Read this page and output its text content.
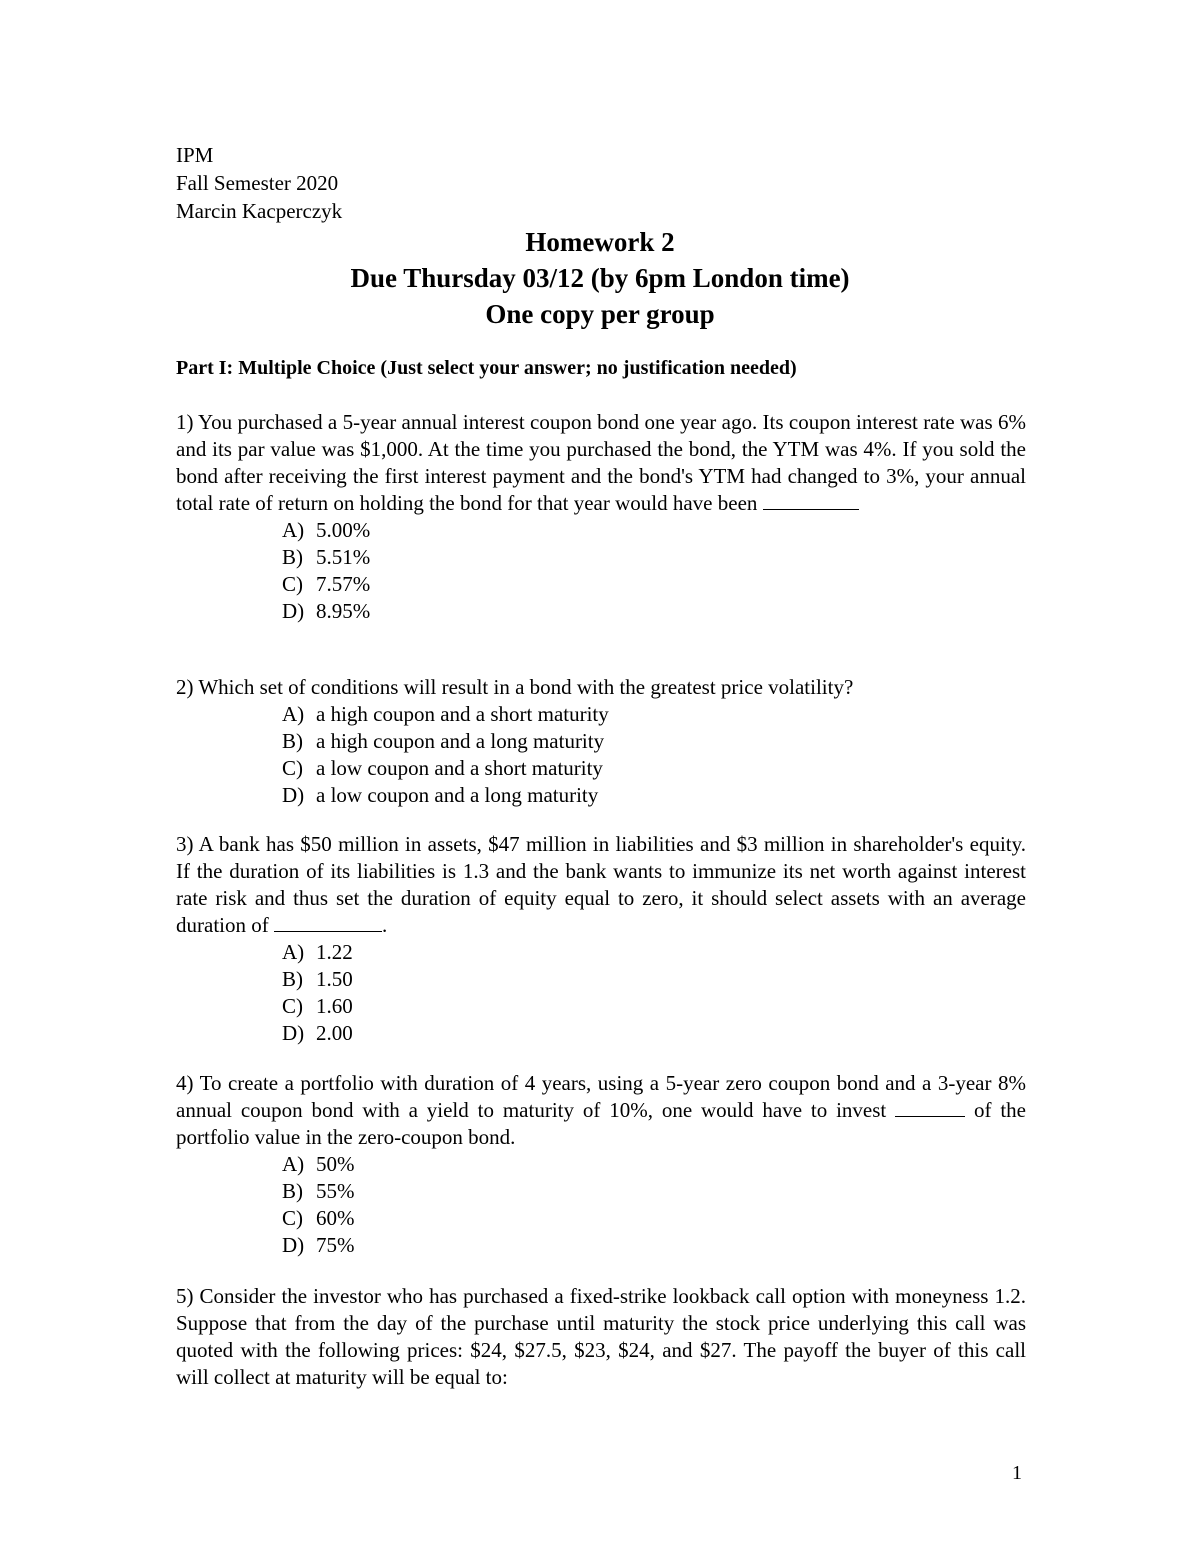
IPM
Fall Semester 2020
Marcin Kacperczyk
Homework 2
Due Thursday 03/12 (by 6pm London time)
One copy per group
Part I: Multiple Choice (Just select your answer; no justification needed)

1) You purchased a 5-year annual interest coupon bond one year ago. Its coupon interest rate was 6% and its par value was $1,000. At the time you purchased the bond, the YTM was 4%. If you sold the bond after receiving the first interest payment and the bond's YTM had changed to 3%, your annual total rate of return on holding the bond for that year would have been

A) 5.00%
B) 5.51%
C) 7.57%
D) 8.95%

2) Which set of conditions will result in a bond with the greatest price volatility?

A) a high coupon and a short maturity
B) a high coupon and a long maturity
C) a low coupon and a short maturity
D) a low coupon and a long maturity

3) A bank has $50 million in assets, $47 million in liabilities and $3 million in shareholder's equity. If the duration of its liabilities is 1.3 and the bank wants to immunize its net worth against interest rate risk and thus set the duration of equity equal to zero, it should select assets with an average duration of	.

A) 1.22
B) 1.50
C) 1.60
D) 2.00

4) To create a portfolio with duration of 4 years, using a 5-year zero coupon bond and a 3-year 8% annual coupon bond with a yield to maturity of 10%, one would have to invest	of the portfolio value in the zero-coupon bond.

A) 50%
B) 55%
C) 60%
D) 75%

5) Consider the investor who has purchased a fixed-strike lookback call option with moneyness 1.2. Suppose that from the day of the purchase until maturity the stock price underlying this call was quoted with the following prices: $24, $27.5, $23, $24, and $27. The payoff the buyer of this call will collect at maturity will be equal to:

1
